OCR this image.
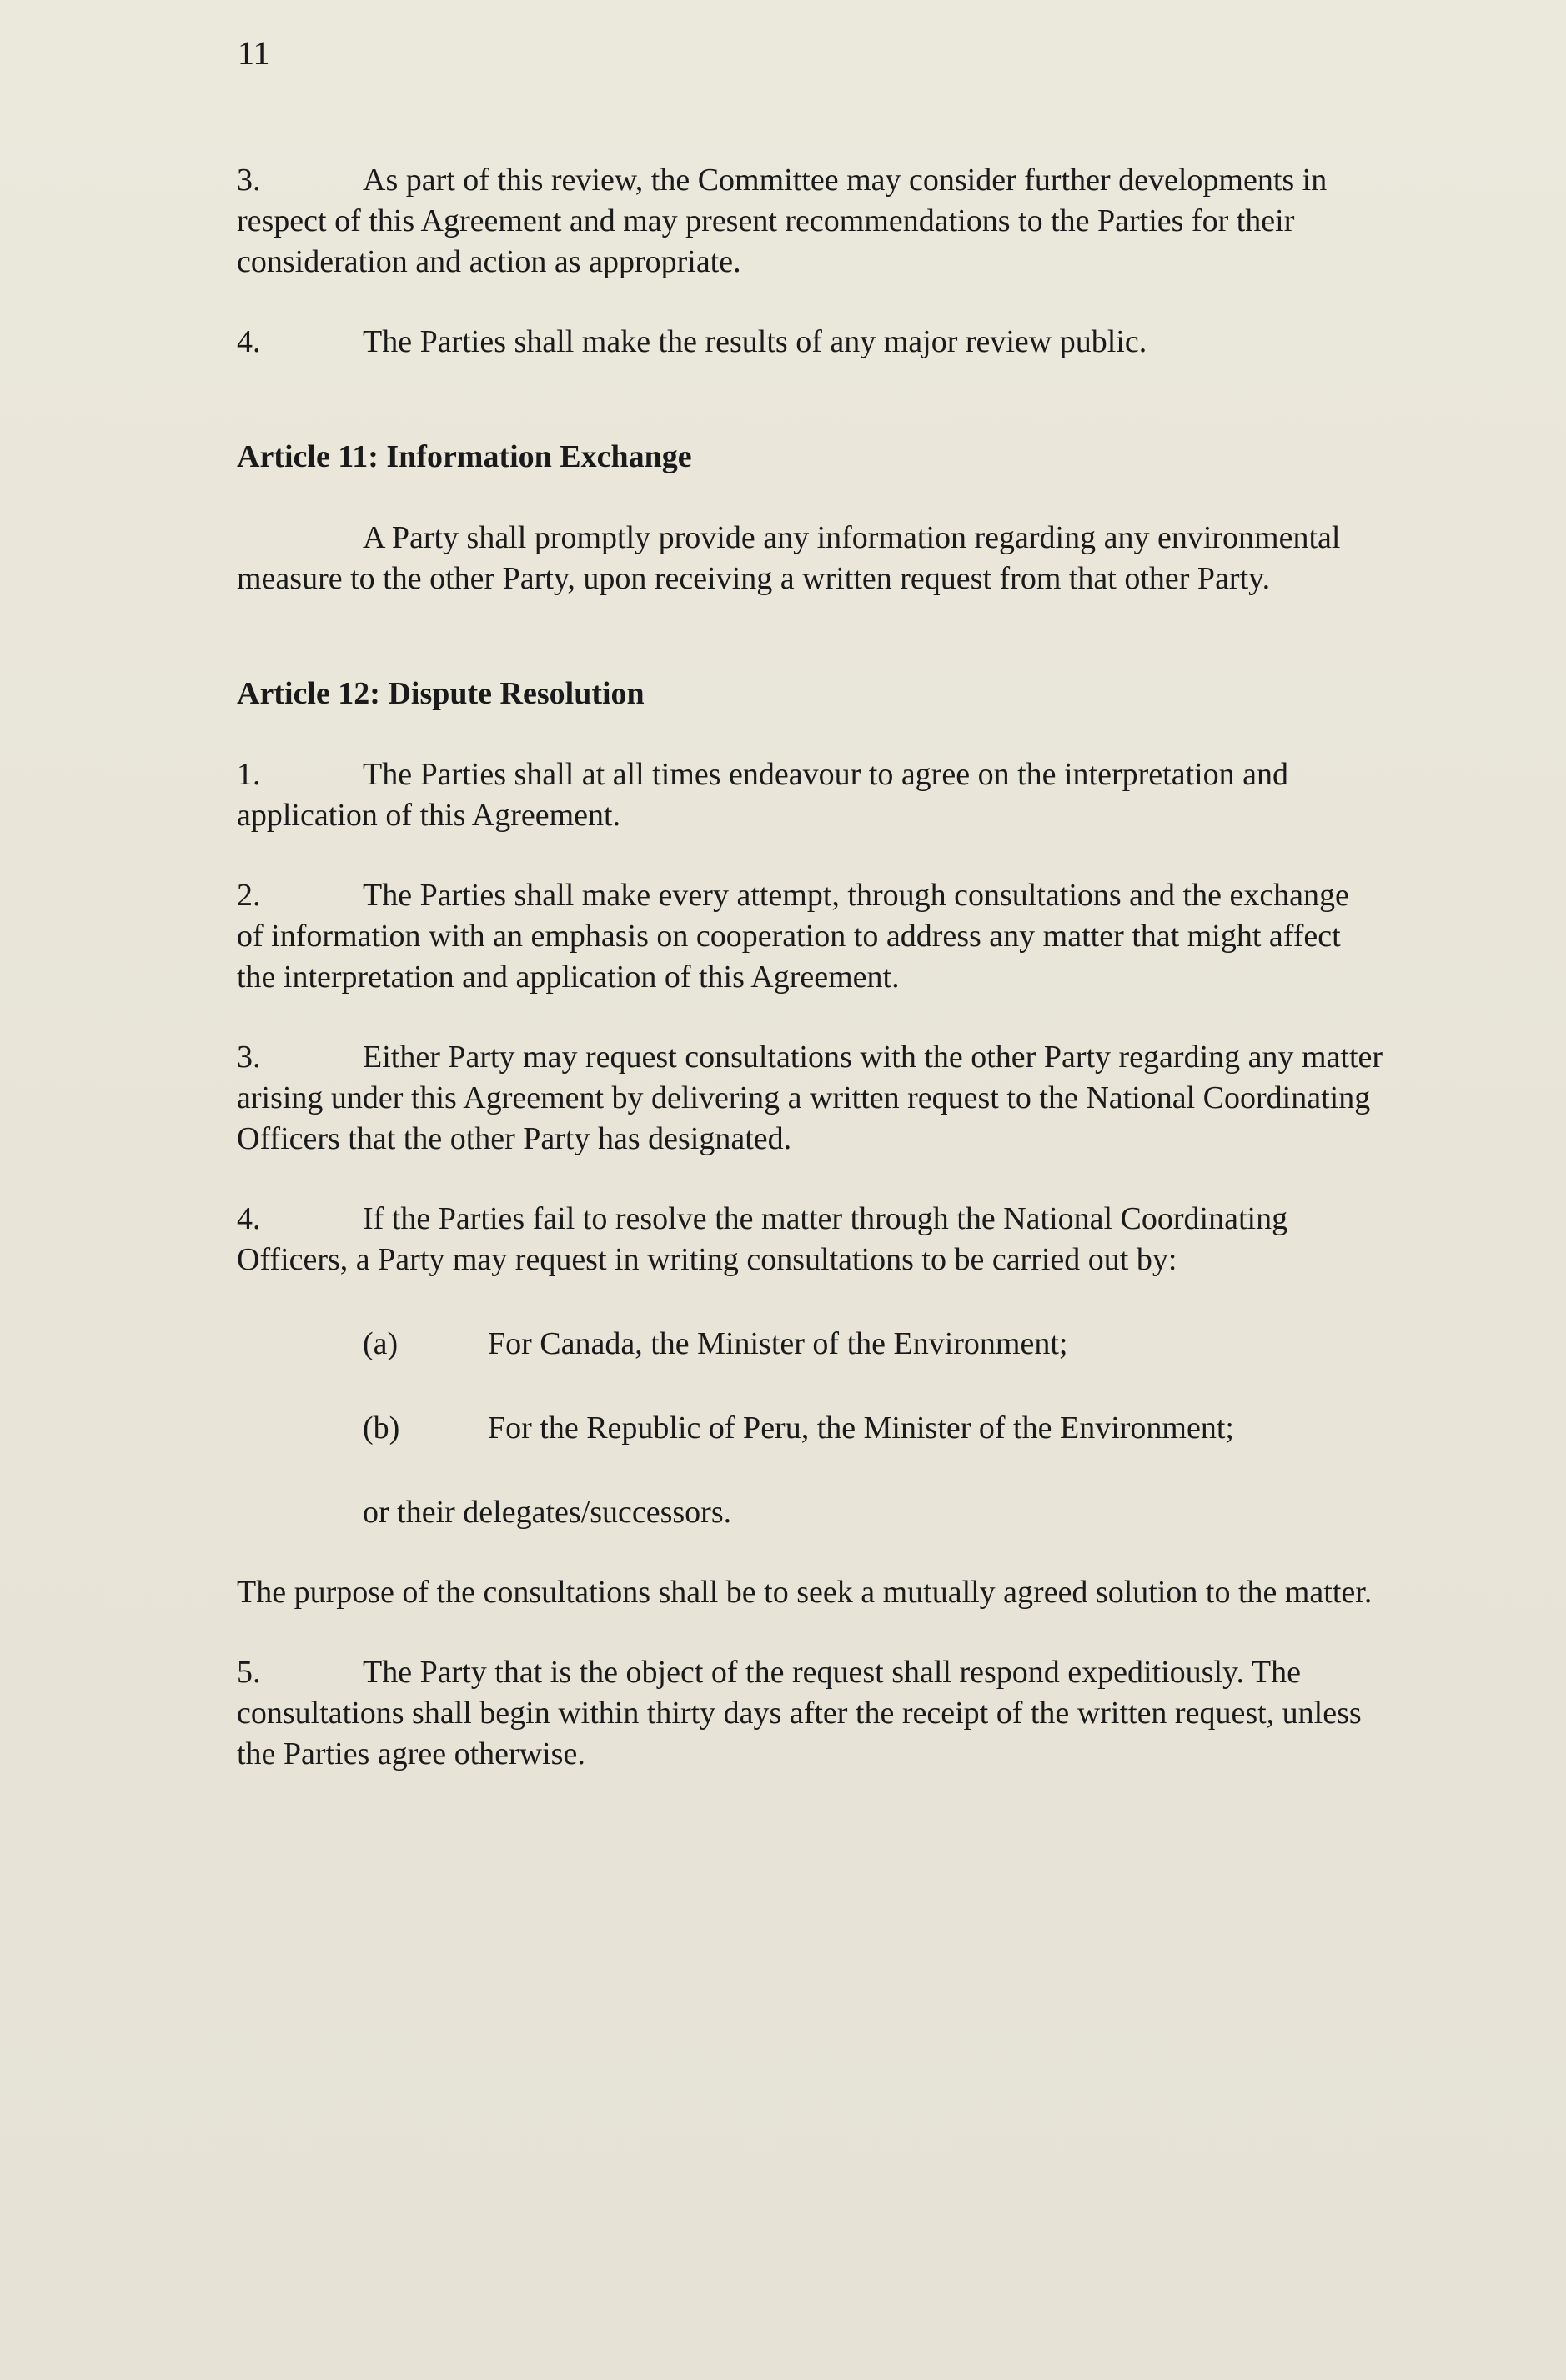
11

3.	As part of this review, the Committee may consider further developments in respect of this Agreement and may present recommendations to the Parties for their consideration and action as appropriate.

4.	The Parties shall make the results of any major review public.

Article 11: Information Exchange

A Party shall promptly provide any information regarding any environmental measure to the other Party, upon receiving a written request from that other Party.

Article 12: Dispute Resolution

1.	The Parties shall at all times endeavour to agree on the interpretation and application of this Agreement.

2.	The Parties shall make every attempt, through consultations and the exchange of information with an emphasis on cooperation to address any matter that might affect the interpretation and application of this Agreement.

3.	Either Party may request consultations with the other Party regarding any matter arising under this Agreement by delivering a written request to the National Coordinating Officers that the other Party has designated.

4.	If the Parties fail to resolve the matter through the National Coordinating Officers, a Party may request in writing consultations to be carried out by:

(a)	For Canada, the Minister of the Environment;

(b)	For the Republic of Peru, the Minister of the Environment;

or their delegates/successors.

The purpose of the consultations shall be to seek a mutually agreed solution to the matter.

5.	The Party that is the object of the request shall respond expeditiously. The consultations shall begin within thirty days after the receipt of the written request, unless the Parties agree otherwise.
